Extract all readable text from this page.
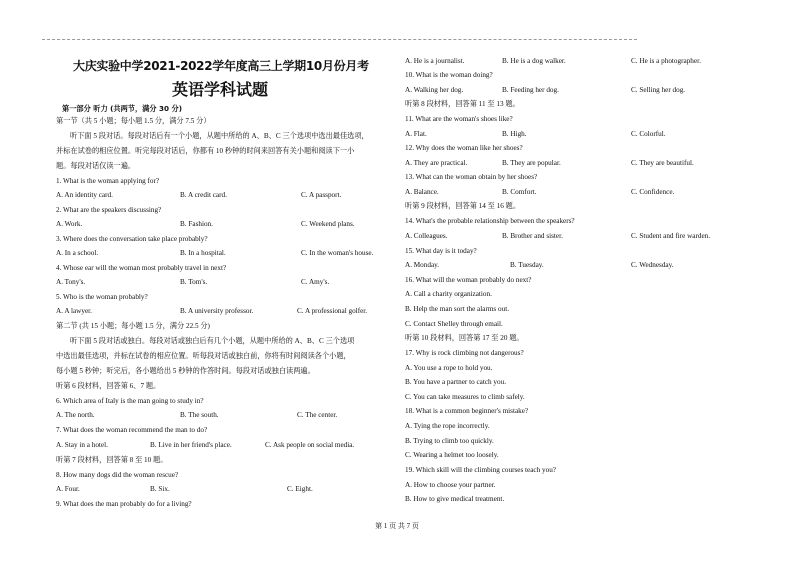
大庆实验中学2021-2022学年度高三上学期10月份月考
英语学科试题
第一部分 听力 (共两节，满分 30 分)
第一节（共 5 小题；每小题 1.5 分，满分 7.5 分）
听下面 5 段对话。每段对话后有一个小题，从题中所给的 A、B、C 三个选项中选出最佳选项，
并标在试卷的相应位置。听完每段对话后，你都有 10 秒钟的时间来回答有关小题和阅读下一小
题。每段对话仅读一遍。
1. What is the woman applying for?
A. An identity card.	B. A credit card.	C. A passport.
2. What are the speakers discussing?
A. Work.	B. Fashion.	C. Weekend plans.
3. Where does the conversation take place probably?
A. In a school.	B. In a hospital.	C. In the woman's house.
4. Whose ear will the woman most probably travel in next?
A. Tony's.	B. Tom's.	C. Amy's.
5. Who is the woman probably?
A. A lawyer.	B. A university professor.	C. A professional golfer.
第二节 (共 15 小题；每小题 1.5 分，满分 22.5 分)
听下面 5 段对话或独白。每段对话或独白后有几个小题，从题中所给的 A、B、C 三个选项
中选出最佳选项，并标在试卷的相应位置。听每段对话或独白前，你将有时间阅读各个小题，
每小题 5 秒钟；听完后，各小题给出 5 秒钟的作答时间。每段对话或独白读两遍。
听第 6 段材料，回答第 6、7 题。
6. Which area of Italy is the man going to study in?
A. The north.	B. The south.	C. The center.
7. What does the woman recommend the man to do?
A. Stay in a hotel.	B. Live in her friend's place.	C. Ask people on social media.
听第 7 段材料，回答第 8 至 10 题。
8. How many dogs did the woman rescue?
A. Four.	B. Six.	C. Eight.
9. What does the man probably do for a living?
A. He is a journalist.	B. He is a dog walker.	C. He is a photographer.
10. What is the woman doing?
A. Walking her dog.	B. Feeding her dog.	C. Selling her dog.
听第 8 段材料，回答第 11 至 13 题。
11. What are the woman's shoes like?
A. Flat.	B. High.	C. Colorful.
12. Why does the woman like her shoes?
A. They are practical.	B. They are popular.	C. They are beautiful.
13. What can the woman obtain by her shoes?
A. Balance.	B. Comfort.	C. Confidence.
听第 9 段材料，回答第 14 至 16 题。
14. What's the probable relationship between the speakers?
A. Colleagues.	B. Brother and sister.	C. Student and fire warden.
15. What day is it today?
A. Monday.	B. Tuesday.	C. Wednesday.
16. What will the woman probably do next?
A. Call a charity organization.
B. Help the man sort the alarms out.
C. Contact Shelley through email.
听第 10 段材料，回答第 17 至 20 题。
17. Why is rock climbing not dangerous?
A. You use a rope to hold you.
B. You have a partner to catch you.
C. You can take measures to climb safely.
18. What is a common beginner's mistake?
A. Tying the rope incorrectly.
B. Trying to climb too quickly.
C. Wearing a helmet too loosely.
19. Which skill will the climbing courses teach you?
A. How to choose your partner.
B. How to give medical treatment.
第 1 页 共 7 页
